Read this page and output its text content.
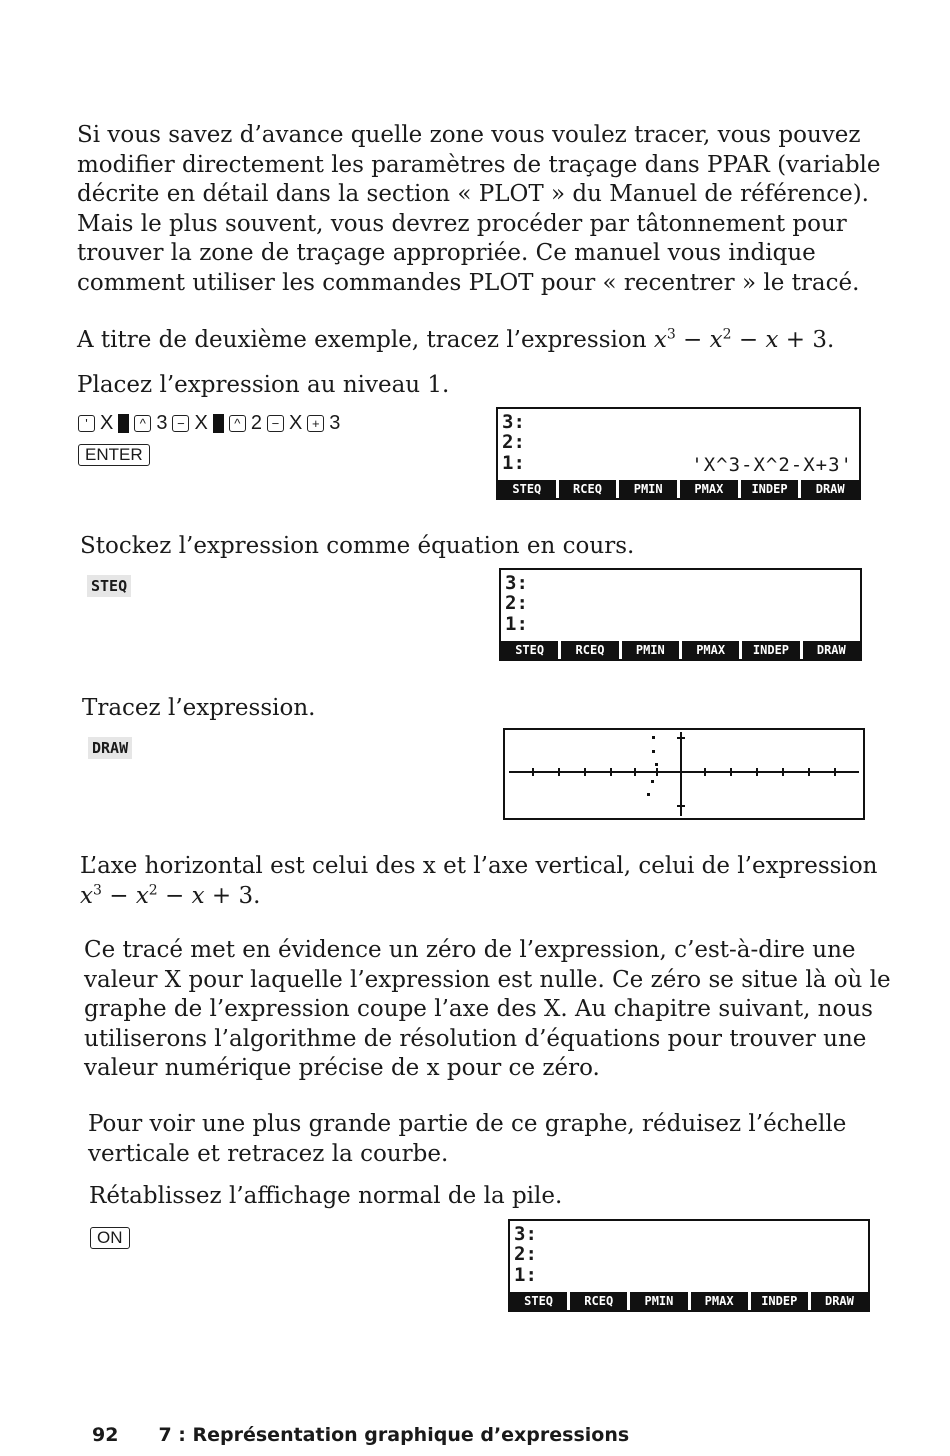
Si vous savez d’avance quelle zone vous voulez tracer, vous pouvez
modifier directement les paramètres de traçage dans PPAR (variable
décrite en détail dans la section « PLOT » du Manuel de référence).
Mais le plus souvent, vous devrez procéder par tâtonnement pour
trouver la zone de traçage appropriée. Ce manuel vous indique
comment utiliser les commandes PLOT pour « recentrer » le tracé.
A titre de deuxième exemple, tracez l’expression $x^3 - x^2 - x + 3$.
Placez l’expression au niveau 1.
' X	^ 3 − X	^ 2 − X + 3
ENTER
3:
2:
1:	'X^3-X^2-X+3'
STEQ	RCEQ	PMIN	PMAX	INDEP	DRAW
Stockez l’expression comme équation en cours.
STEQ	3:
2:
1:
STEQ	RCEQ	PMIN	PMAX	INDEP	DRAW
Tracez l’expression.
DRAW
L’axe horizontal est celui des x et l’axe vertical, celui de l’expression
$x^3 - x^2 - x + 3$.
Ce tracé met en évidence un zéro de l’expression, c’est-à-dire une
valeur X pour laquelle l’expression est nulle. Ce zéro se situe là où le
graphe de l’expression coupe l’axe des X. Au chapitre suivant, nous
utiliserons l’algorithme de résolution d’équations pour trouver une
valeur numérique précise de x pour ce zéro.
Pour voir une plus grande partie de ce graphe, réduisez l’échelle
verticale et retracez la courbe.
Rétablissez l’affichage normal de la pile.
ON	3:
2:
1:
STEQ	RCEQ	PMIN	PMAX	INDEP	DRAW
92 7 : Représentation graphique d’expressions
